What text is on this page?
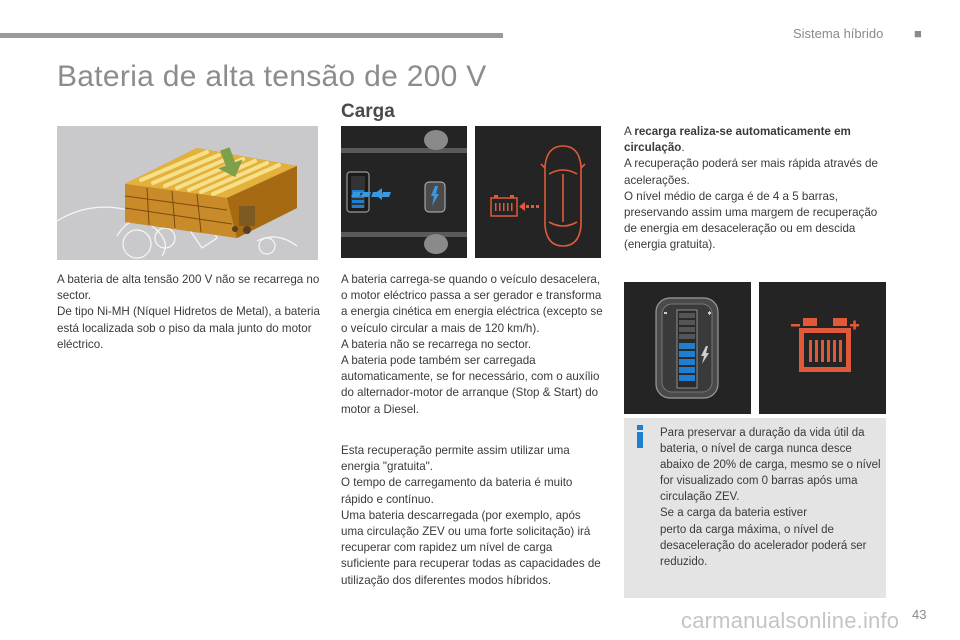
Sistema híbrido ■
Bateria de alta tensão de 200 V
Carga

A bateria de alta tensão 200 V não se recarrega no sector.
De tipo Ni-MH (Níquel Hidretos de Metal), a bateria está localizada sob o piso da mala junto do motor eléctrico.

A bateria carrega-se quando o veículo desacelera, o motor eléctrico passa a ser gerador e transforma a energia cinética em energia eléctrica (excepto se o veículo circular a mais de 120 km/h).
A bateria não se recarrega no sector.
A bateria pode também ser carregada automaticamente, se for necessário, com o auxílio do alternador-motor de arranque (Stop & Start) do motor a Diesel.

Esta recuperação permite assim utilizar uma energia "gratuita".
O tempo de carregamento da bateria é muito rápido e contínuo.
Uma bateria descarregada (por exemplo, após uma circulação ZEV ou uma forte solicitação) irá recuperar com rapidez um nível de carga suficiente para recuperar todas as capacidades de utilização dos diferentes modos híbridos.

A recarga realiza-se automaticamente em circulação.

A recuperação poderá ser mais rápida através de acelerações.
O nível médio de carga é de 4 a 5 barras, preservando assim uma margem de recuperação de energia em desaceleração ou em descida (energia gratuita).

Para preservar a duração da vida útil da bateria, o nível de carga nunca desce abaixo de 20% de carga, mesmo se o nível for visualizado com 0 barras após uma circulação ZEV.
Se a carga da bateria estiver
perto da carga máxima, o nível de desaceleração do acelerador poderá ser reduzido.
43
carmanualsonline.info
